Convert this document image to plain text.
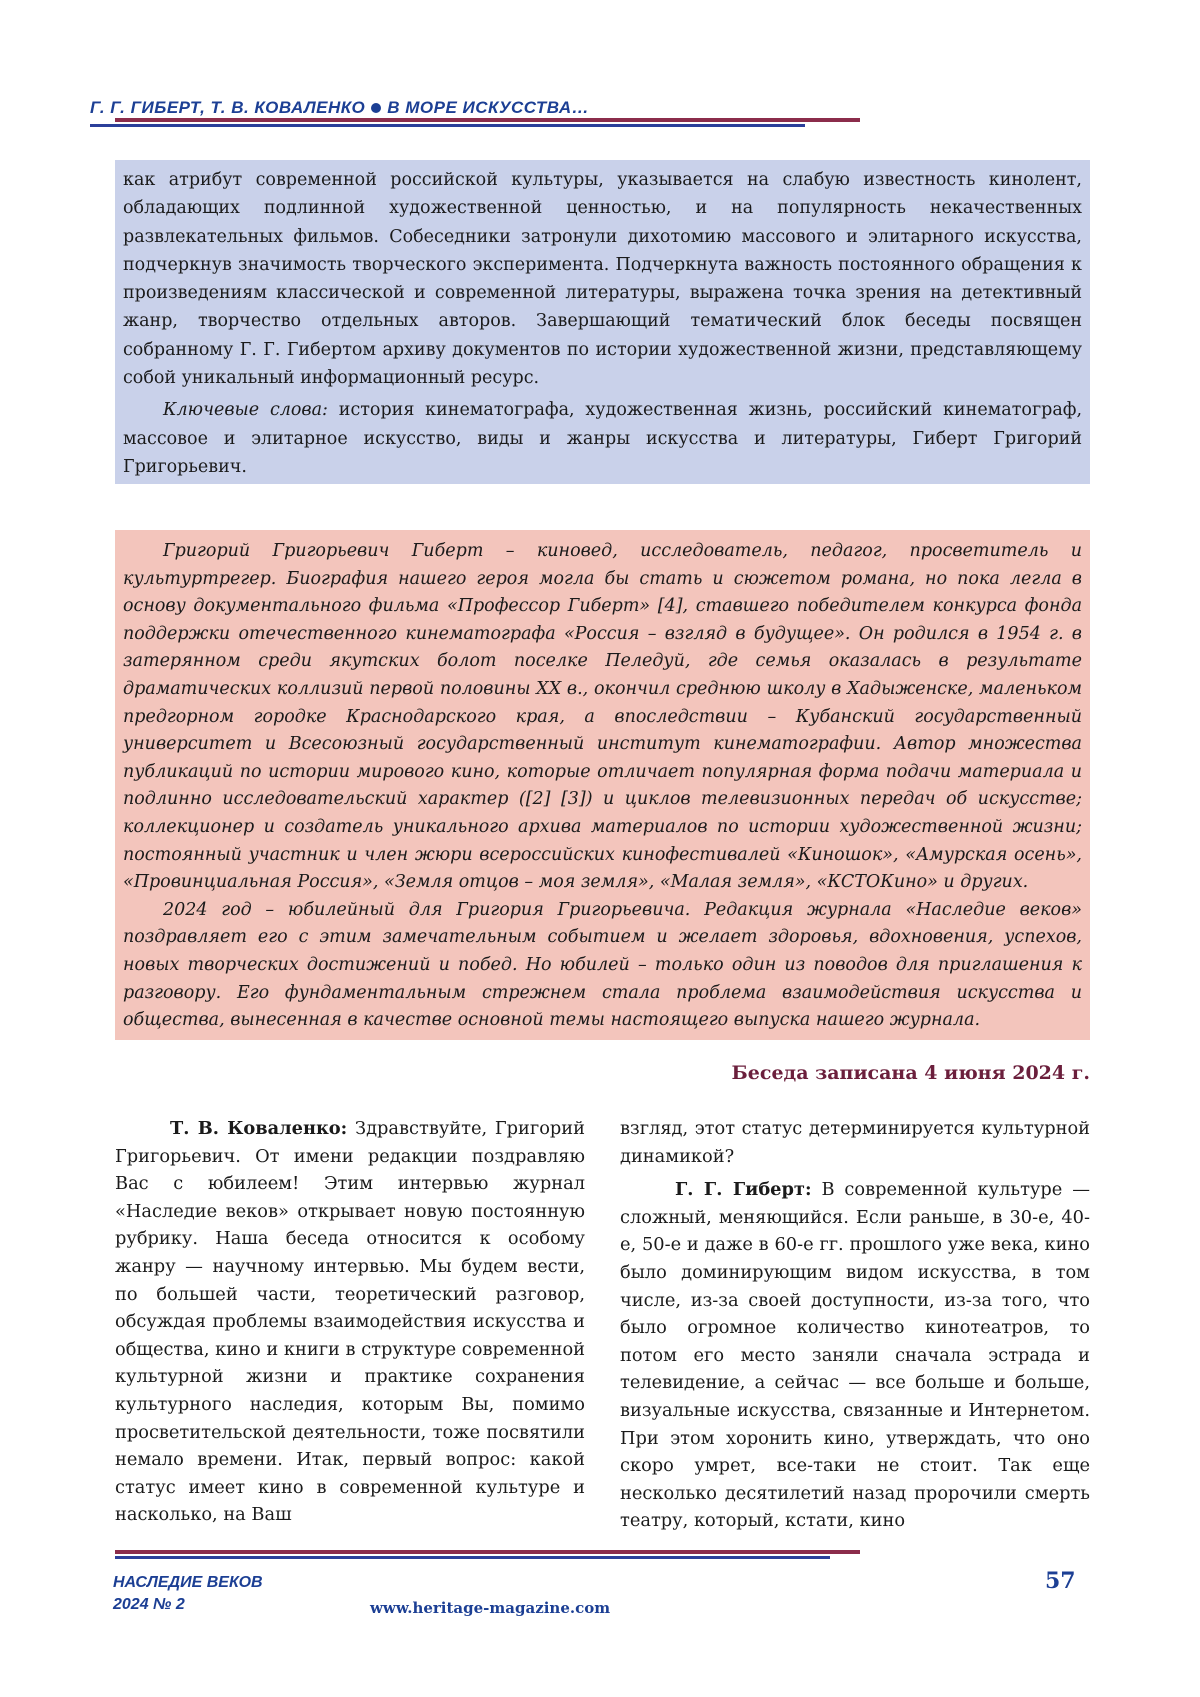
Г. Г. ГИБЕРТ, Т. В. КОВАЛЕНКО В МОРЕ ИСКУССТВА…

как атрибут современной российской культуры, указывается на слабую известность кинолент, обладающих подлинной художественной ценностью, и на популярность некачественных развлекательных фильмов. Собеседники затронули дихотомию массового и элитарного искусства, подчеркнув значимость творческого эксперимента. Подчеркнута важность постоянного обращения к произведениям классической и современной литературы, выражена точка зрения на детективный жанр, творчество отдельных авторов. Завершающий тематический блок беседы посвящен собранному Г. Г. Гибертом архиву документов по истории художественной жизни, представляющему собой уникальный информационный ресурс.

Ключевые слова: история кинематографа, художественная жизнь, российский кинематограф, массовое и элитарное искусство, виды и жанры искусства и литературы, Гиберт Григорий Григорьевич.

Григорий Григорьевич Гиберт – киновед, исследователь, педагог, просветитель и культуртрегер. Биография нашего героя могла бы стать и сюжетом романа, но пока легла в основу документального фильма «Профессор Гиберт» [4], ставшего победителем конкурса фонда поддержки отечественного кинематографа «Россия – взгляд в будущее». Он родился в 1954 г. в затерянном среди якутских болот поселке Пеледуй, где семья оказалась в результате драматических коллизий первой половины XX в., окончил среднюю школу в Хадыженске, маленьком предгорном городке Краснодарского края, а впоследствии – Кубанский государственный университет и Всесоюзный государственный институт кинематографии. Автор множества публикаций по истории мирового кино, которые отличает популярная форма подачи материала и подлинно исследовательский характер ([2] [3]) и циклов телевизионных передач об искусстве; коллекционер и создатель уникального архива материалов по истории художественной жизни; постоянный участник и член жюри всероссийских кинофестивалей «Киношок», «Амурская осень», «Провинциальная Россия», «Земля отцов – моя земля», «Малая земля», «КСТОКино» и других.

2024 год – юбилейный для Григория Григорьевича. Редакция журнала «Наследие веков» поздравляет его с этим замечательным событием и желает здоровья, вдохновения, успехов, новых творческих достижений и побед. Но юбилей – только один из поводов для приглашения к разговору. Его фундаментальным стрежнем стала проблема взаимодействия искусства и общества, вынесенная в качестве основной темы настоящего выпуска нашего журнала.

Беседа записана 4 июня 2024 г.

Т. В. Коваленко: Здравствуйте, Григорий Григорьевич. От имени редакции поздравляю Вас с юбилеем! Этим интервью журнал «Наследие веков» открывает новую постоянную рубрику. Наша беседа относится к особому жанру — научному интервью. Мы будем вести, по большей части, теоретический разговор, обсуждая проблемы взаимодействия искусства и общества, кино и книги в структуре современной культурной жизни и практике сохранения культурного наследия, которым Вы, помимо просветительской деятельности, тоже посвятили немало времени. Итак, первый вопрос: какой статус имеет кино в современной культуре и насколько, на Ваш

взгляд, этот статус детерминируется культурной динамикой?

Г. Г. Гиберт: В современной культуре — сложный, меняющийся. Если раньше, в 30-е, 40-е, 50-е и даже в 60-е гг. прошлого уже века, кино было доминирующим видом искусства, в том числе, из-за своей доступности, из-за того, что было огромное количество кинотеатров, то потом его место заняли сначала эстрада и телевидение, а сейчас — все больше и больше, визуальные искусства, связанные и Интернетом. При этом хоронить кино, утверждать, что оно скоро умрет, все-таки не стоит. Так еще несколько десятилетий назад пророчили смерть театру, который, кстати, кино

НАСЛЕДИЕ ВЕКОВ
2024 № 2	www.heritage-magazine.com
57
